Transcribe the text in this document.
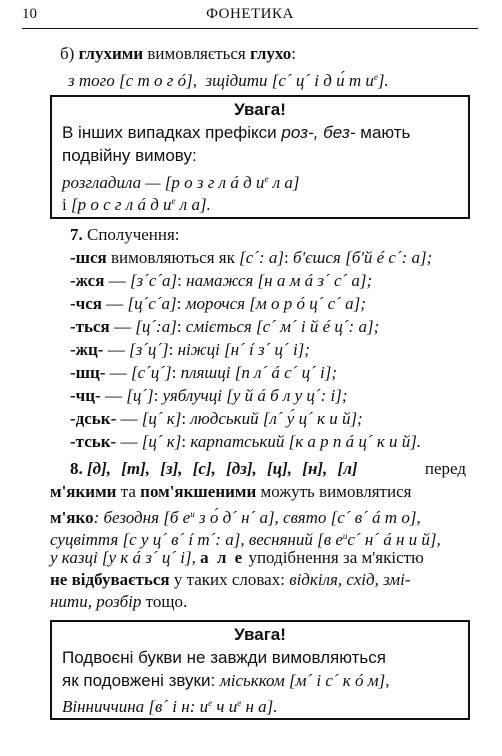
10	ФОНЕТИКА
б) глухими вимовляється глухо:
з того [с т о г ó], зщідити [с´ ц´ і д и́ т $и^е$].
Увага!
В інших випадках префікси роз-, без- мають
подвійну вимову:
розгладила — [р о з г л á д $и^е$ л а]
і [р о с г л á д $и^е$ л а].
7. Сполучення:
-шся вимовляються як [с´: а]: б'єшся [б'й é с´: а];
-жся — [з´с´а]: намажся [н а м á з´ с´ а];
-чся — [ц´с´а]: морочся [м о р ó ц´ с´ а];
-ться — [ц´:а]: сміється [с´ м´ і й é ц´: а];
-жц- — [з´ц´]: ніжці [н´ í з´ ц´ і];
-шц- — [с´ц´]: пляшці [п л´ á с´ ц´ і];
-чц- — [ц´]: уяблучці [у й á б л у ц´: і];
-дськ- — [ц´ к]: людський [л´ у́ ц´ к и й];
-тськ- — [ц´ к]: карпатський [к а р п á ц´ к и й].
8. [д], [т], [з], [с], [дз], [ц], [н], [л]	перед
м'якими та пом'якшеними можуть вимовлятися
м'яко: безодня [б $е^и$ з о́ д´ н´ а], свято [с´ в´ á т о],
суцвіття [с у ц´ в´ í т´: а], весняний [в $е^ис´$ н´ á н и й],
у казці [у к á з´ ц´ і], а л е уподібнення за м'якістю
не відбувається у таких словах: відкіля, схід, змі-
нити, розбір тощо.
Увага!
Подвоєні букви не завжди вимовляються
як подовжені звуки: міськком [м´ і с´ к ó м],
Вінниччина [в´ і н: $и^е$ ч $и^е$ н а].
